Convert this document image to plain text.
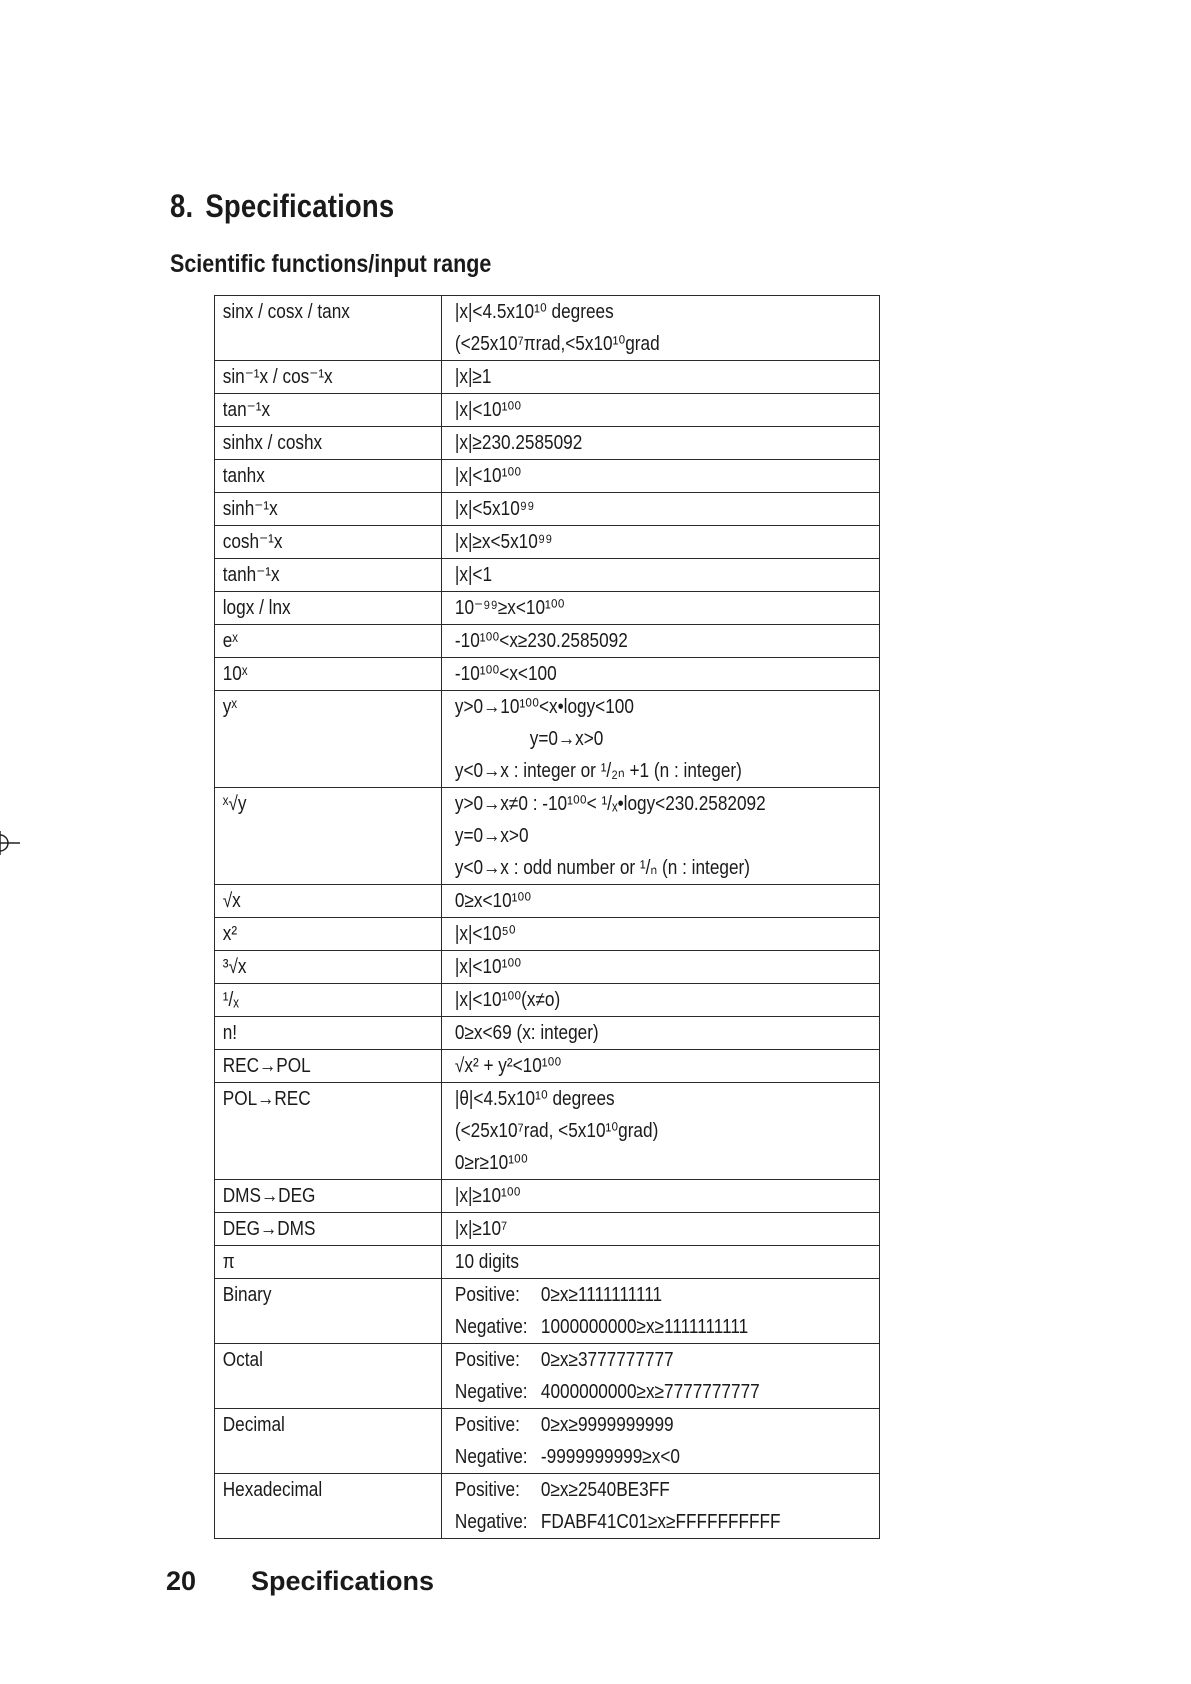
8. Specifications
Scientific functions/input range
sinx / cosx / tanx	|x|<4.5x10¹⁰ degrees
(<25x10⁷πrad,<5x10¹⁰grad

sin⁻¹x / cos⁻¹x	|x|≥1

tan⁻¹x	|x|<10¹⁰⁰

sinhx / coshx	|x|≥230.2585092

tanhx	|x|<10¹⁰⁰

sinh⁻¹x	|x|<5x10⁹⁹

cosh⁻¹x	|x|≥x<5x10⁹⁹

tanh⁻¹x	|x|<1

logx / lnx	10⁻⁹⁹≥x<10¹⁰⁰

eˣ	-10¹⁰⁰<x≥230.2585092

10ˣ	-10¹⁰⁰<x<100

yˣ	y>0→10¹⁰⁰<x•logy<100
y=0→x>0
y<0→x : integer or ¹/₂ₙ +1 (n : integer)

ˣ√y	y>0→x≠0 : -10¹⁰⁰< ¹/ₓ•logy<230.2582092
y=0→x>0
y<0→x : odd number or ¹/ₙ (n : integer)

√x	0≥x<10¹⁰⁰

x²	|x|<10⁵⁰

³√x	|x|<10¹⁰⁰

¹/ₓ	|x|<10¹⁰⁰(x≠o)

n!	0≥x<69 (x: integer)

REC→POL	√x² + y²<10¹⁰⁰

POL→REC	|θ|<4.5x10¹⁰ degrees
(<25x10⁷rad, <5x10¹⁰grad)
0≥r≥10¹⁰⁰

DMS→DEG	|x|≥10¹⁰⁰

DEG→DMS	|x|≥10⁷

π	10 digits

Binary	Positive: 0≥x≥1111111111
Negative: 1000000000≥x≥1111111111

Octal	Positive: 0≥x≥3777777777
Negative: 4000000000≥x≥7777777777

Decimal	Positive: 0≥x≥9999999999
Negative: -9999999999≥x<0

Hexadecimal	Positive: 0≥x≥2540BE3FF
Negative: FDABF41C01≥x≥FFFFFFFFFF
20 Specifications
